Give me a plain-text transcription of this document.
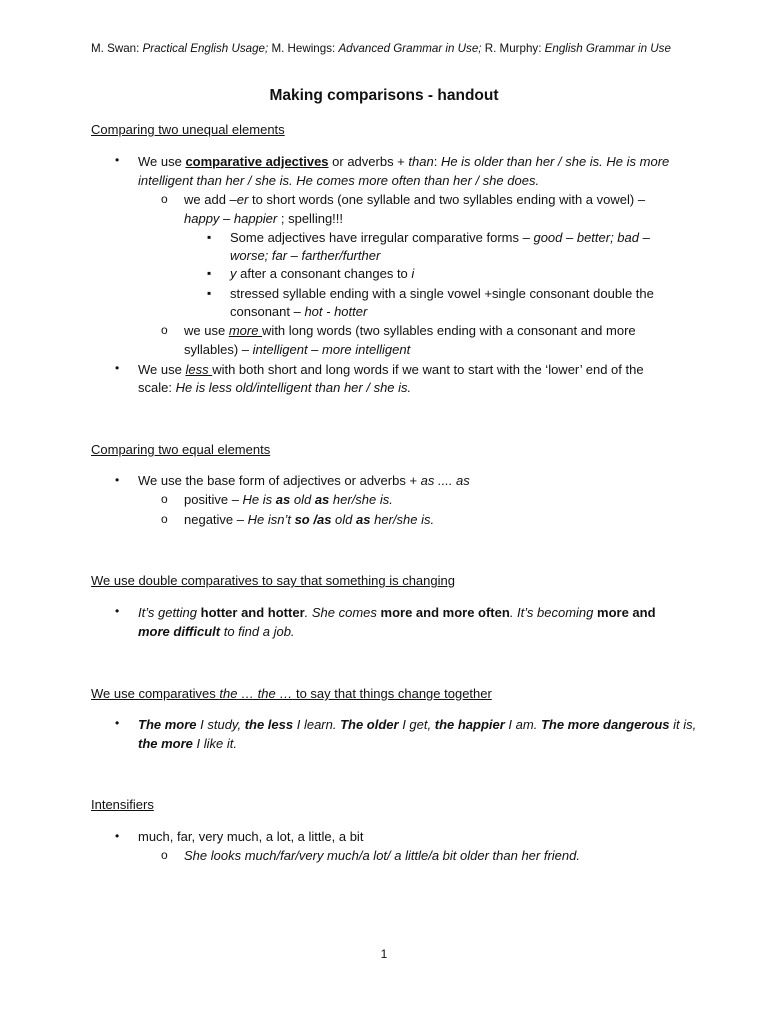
M. Swan: Practical English Usage; M. Hewings: Advanced Grammar in Use; R. Murphy: English Grammar in Use
Making comparisons - handout
Comparing two unequal elements
• We use comparative adjectives or adverbs + than: He is older than her / she is. He is more
intelligent than her / she is. He comes more often than her / she does.
o we add –er to short words (one syllable and two syllables ending with a vowel) –
happy – happier ; spelling!!!
▪ Some adjectives have irregular comparative forms – good – better; bad –
worse; far – farther/further
▪ y after a consonant changes to i
▪ stressed syllable ending with a single vowel +single consonant double the
consonant – hot - hotter
o we use more with long words (two syllables ending with a consonant and more
syllables) – intelligent – more intelligent
• We use less with both short and long words if we want to start with the ‘lower’ end of the
scale: He is less old/intelligent than her / she is.
Comparing two equal elements
• We use the base form of adjectives or adverbs + as .... as
o positive – He is as old as her/she is.
o negative – He isn’t so /as old as her/she is.
We use double comparatives to say that something is changing
• It’s getting hotter and hotter. She comes more and more often. It’s becoming more and
more difficult to find a job.
We use comparatives the … the … to say that things change together
• The more I study, the less I learn. The older I get, the happier I am. The more dangerous it is,
the more I like it.
Intensifiers
• much, far, very much, a lot, a little, a bit
o She looks much/far/very much/a lot/ a little/a bit older than her friend.
1
